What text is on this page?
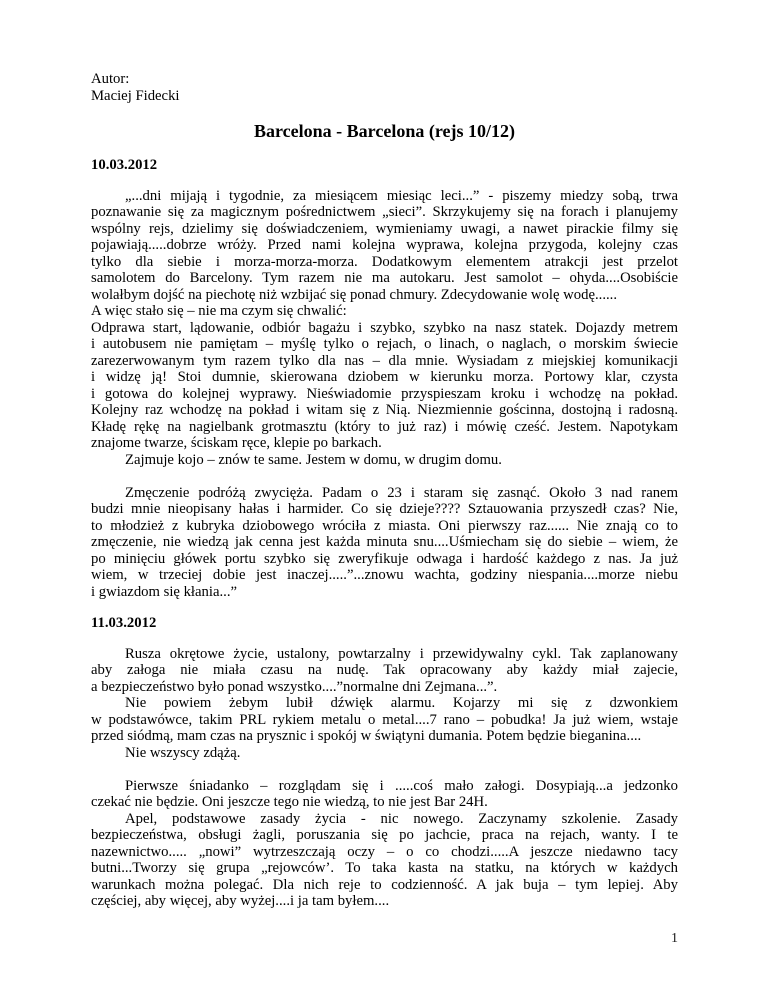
Autor:
Maciej Fidecki
Barcelona - Barcelona (rejs 10/12)
10.03.2012
„...dni mijają i tygodnie, za miesiącem miesiąc leci...” - piszemy miedzy sobą, trwa
poznawanie się za magicznym pośrednictwem „sieci”. Skrzykujemy się na forach i planujemy
wspólny rejs, dzielimy się doświadczeniem, wymieniamy uwagi, a nawet pirackie filmy się
pojawiają.....dobrze wróży. Przed nami kolejna wyprawa, kolejna przygoda, kolejny czas
tylko dla siebie i morza-morza-morza. Dodatkowym elementem atrakcji jest przelot
samolotem do Barcelony. Tym razem nie ma autokaru. Jest samolot – ohyda....Osobiście
wolałbym dojść na piechotę niż wzbijać się ponad chmury. Zdecydowanie wolę wodę......
A więc stało się – nie ma czym się chwalić:
Odprawa start, lądowanie, odbiór bagażu i szybko, szybko na nasz statek. Dojazdy metrem
i autobusem nie pamiętam – myślę tylko o rejach, o linach, o naglach, o morskim świecie
zarezerwowanym tym razem tylko dla nas – dla mnie. Wysiadam z miejskiej komunikacji
i widzę ją! Stoi dumnie, skierowana dziobem w kierunku morza. Portowy klar, czysta
i gotowa do kolejnej wyprawy. Nieświadomie przyspieszam kroku i wchodzę na pokład.
Kolejny raz wchodzę na pokład i witam się z Nią. Niezmiennie gościnna, dostojną i radosną.
Kładę rękę na nagielbank grotmasztu (który to już raz) i mówię cześć. Jestem. Napotykam
znajome twarze, ściskam ręce, klepie po barkach.
Zajmuje kojo – znów te same. Jestem w domu, w drugim domu.
Zmęczenie podróżą zwycięża. Padam o 23 i staram się zasnąć. Około 3 nad ranem
budzi mnie nieopisany hałas i harmider. Co się dzieje???? Sztauowania przyszedł czas? Nie,
to młodzież z kubryka dziobowego wróciła z miasta. Oni pierwszy raz...... Nie znają co to
zmęczenie, nie wiedzą jak cenna jest każda minuta snu....Uśmiecham się do siebie – wiem, że
po minięciu główek portu szybko się zweryfikuje odwaga i hardość każdego z nas. Ja już
wiem, w trzeciej dobie jest inaczej.....”...znowu wachta, godziny niespania....morze niebu
i gwiazdom się kłania...”
11.03.2012
Rusza okrętowe życie, ustalony, powtarzalny i przewidywalny cykl. Tak zaplanowany
aby załoga nie miała czasu na nudę. Tak opracowany aby każdy miał zajecie,
a bezpieczeństwo było ponad wszystko....”normalne dni Zejmana...”.
Nie powiem żebym lubił dźwięk alarmu. Kojarzy mi się z dzwonkiem
w podstawówce, takim PRL rykiem metalu o metal....7 rano – pobudka! Ja już wiem, wstaje
przed siódmą, mam czas na prysznic i spokój w świątyni dumania. Potem będzie bieganina....
Nie wszyscy zdążą.
Pierwsze śniadanko – rozglądam się i .....coś mało załogi. Dosypiają...a jedzonko
czekać nie będzie. Oni jeszcze tego nie wiedzą, to nie jest Bar 24H.
Apel, podstawowe zasady życia - nic nowego. Zaczynamy szkolenie. Zasady
bezpieczeństwa, obsługi żagli, poruszania się po jachcie, praca na rejach, wanty. I te
nazewnictwo..... „nowi” wytrzeszczają oczy – o co chodzi.....A jeszcze niedawno tacy
butni...Tworzy się grupa „rejowców’. To taka kasta na statku, na których w każdych
warunkach można polegać. Dla nich reje to codzienność. A jak buja – tym lepiej. Aby
częściej, aby więcej, aby wyżej....i ja tam byłem....
1
